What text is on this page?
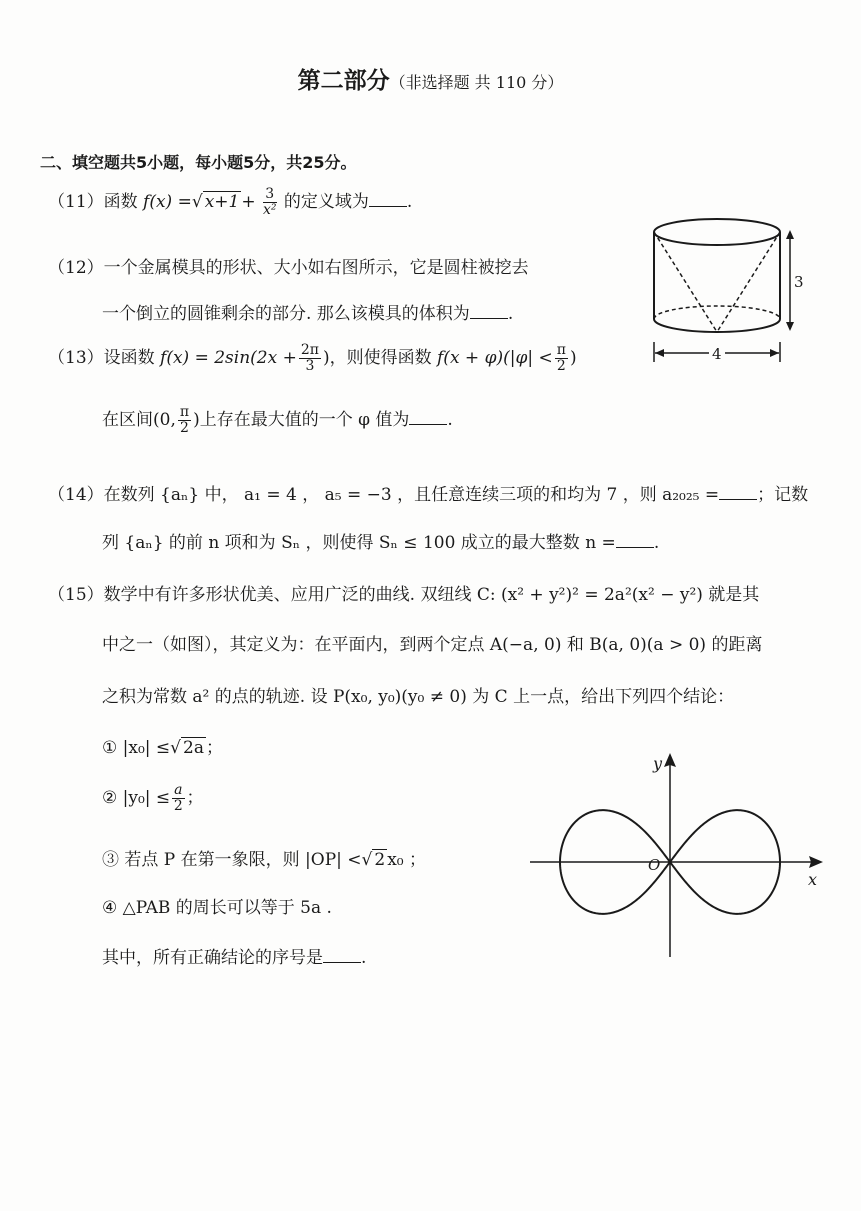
第二部分（非选择题 共 110 分）
二、填空题共5小题，每小题5分，共25分。
（11）函数 f(x) =√ $x+1 + \frac{3}{\text{x²}}$ 的定义域为 .
（12）一个金属模具的形状、大小如右图所示，它是圆柱被挖去
一个倒立的圆锥剩余的部分. 那么该模具的体积为 .
3
4
（13）设函数 $f(x) = 2\sin(2x + \frac{2\pi}{3}$ )，则使得函数 $f(x + \varphi)(|\varphi| < \frac{\pi}{2}$ )
在区间(0, $\frac{\pi}{2}$ )上存在最大值的一个 φ 值为 .
（14）在数列 {aₙ} 中， a₁ = 4 ， a₅ = −3 ，且任意连续三项的和均为 7 ，则 a₂₀₂₅ = ；记数
列 {aₙ} 的前 n 项和为 Sₙ ，则使得 Sₙ ≤ 100 成立的最大整数 n = .
（15）数学中有许多形状优美、应用广泛的曲线. 双纽线 C: (x² + y²)² = 2a²(x² − y²) 就是其
中之一（如图），其定义为：在平面内，到两个定点 A(−a, 0) 和 B(a, 0)(a > 0) 的距离
之积为常数 a² 的点的轨迹. 设 P(x₀, y₀)(y₀ ≠ 0) 为 C 上一点，给出下列四个结论：
① |x₀| ≤√ 2a ；
② $|y_0| \le \frac{a}{2}$ ；
③ 若点 P 在第一象限，则 |OP| <√ 2 x₀ ；
④ △PAB 的周长可以等于 5a .
其中，所有正确结论的序号是 .
x
y
O
